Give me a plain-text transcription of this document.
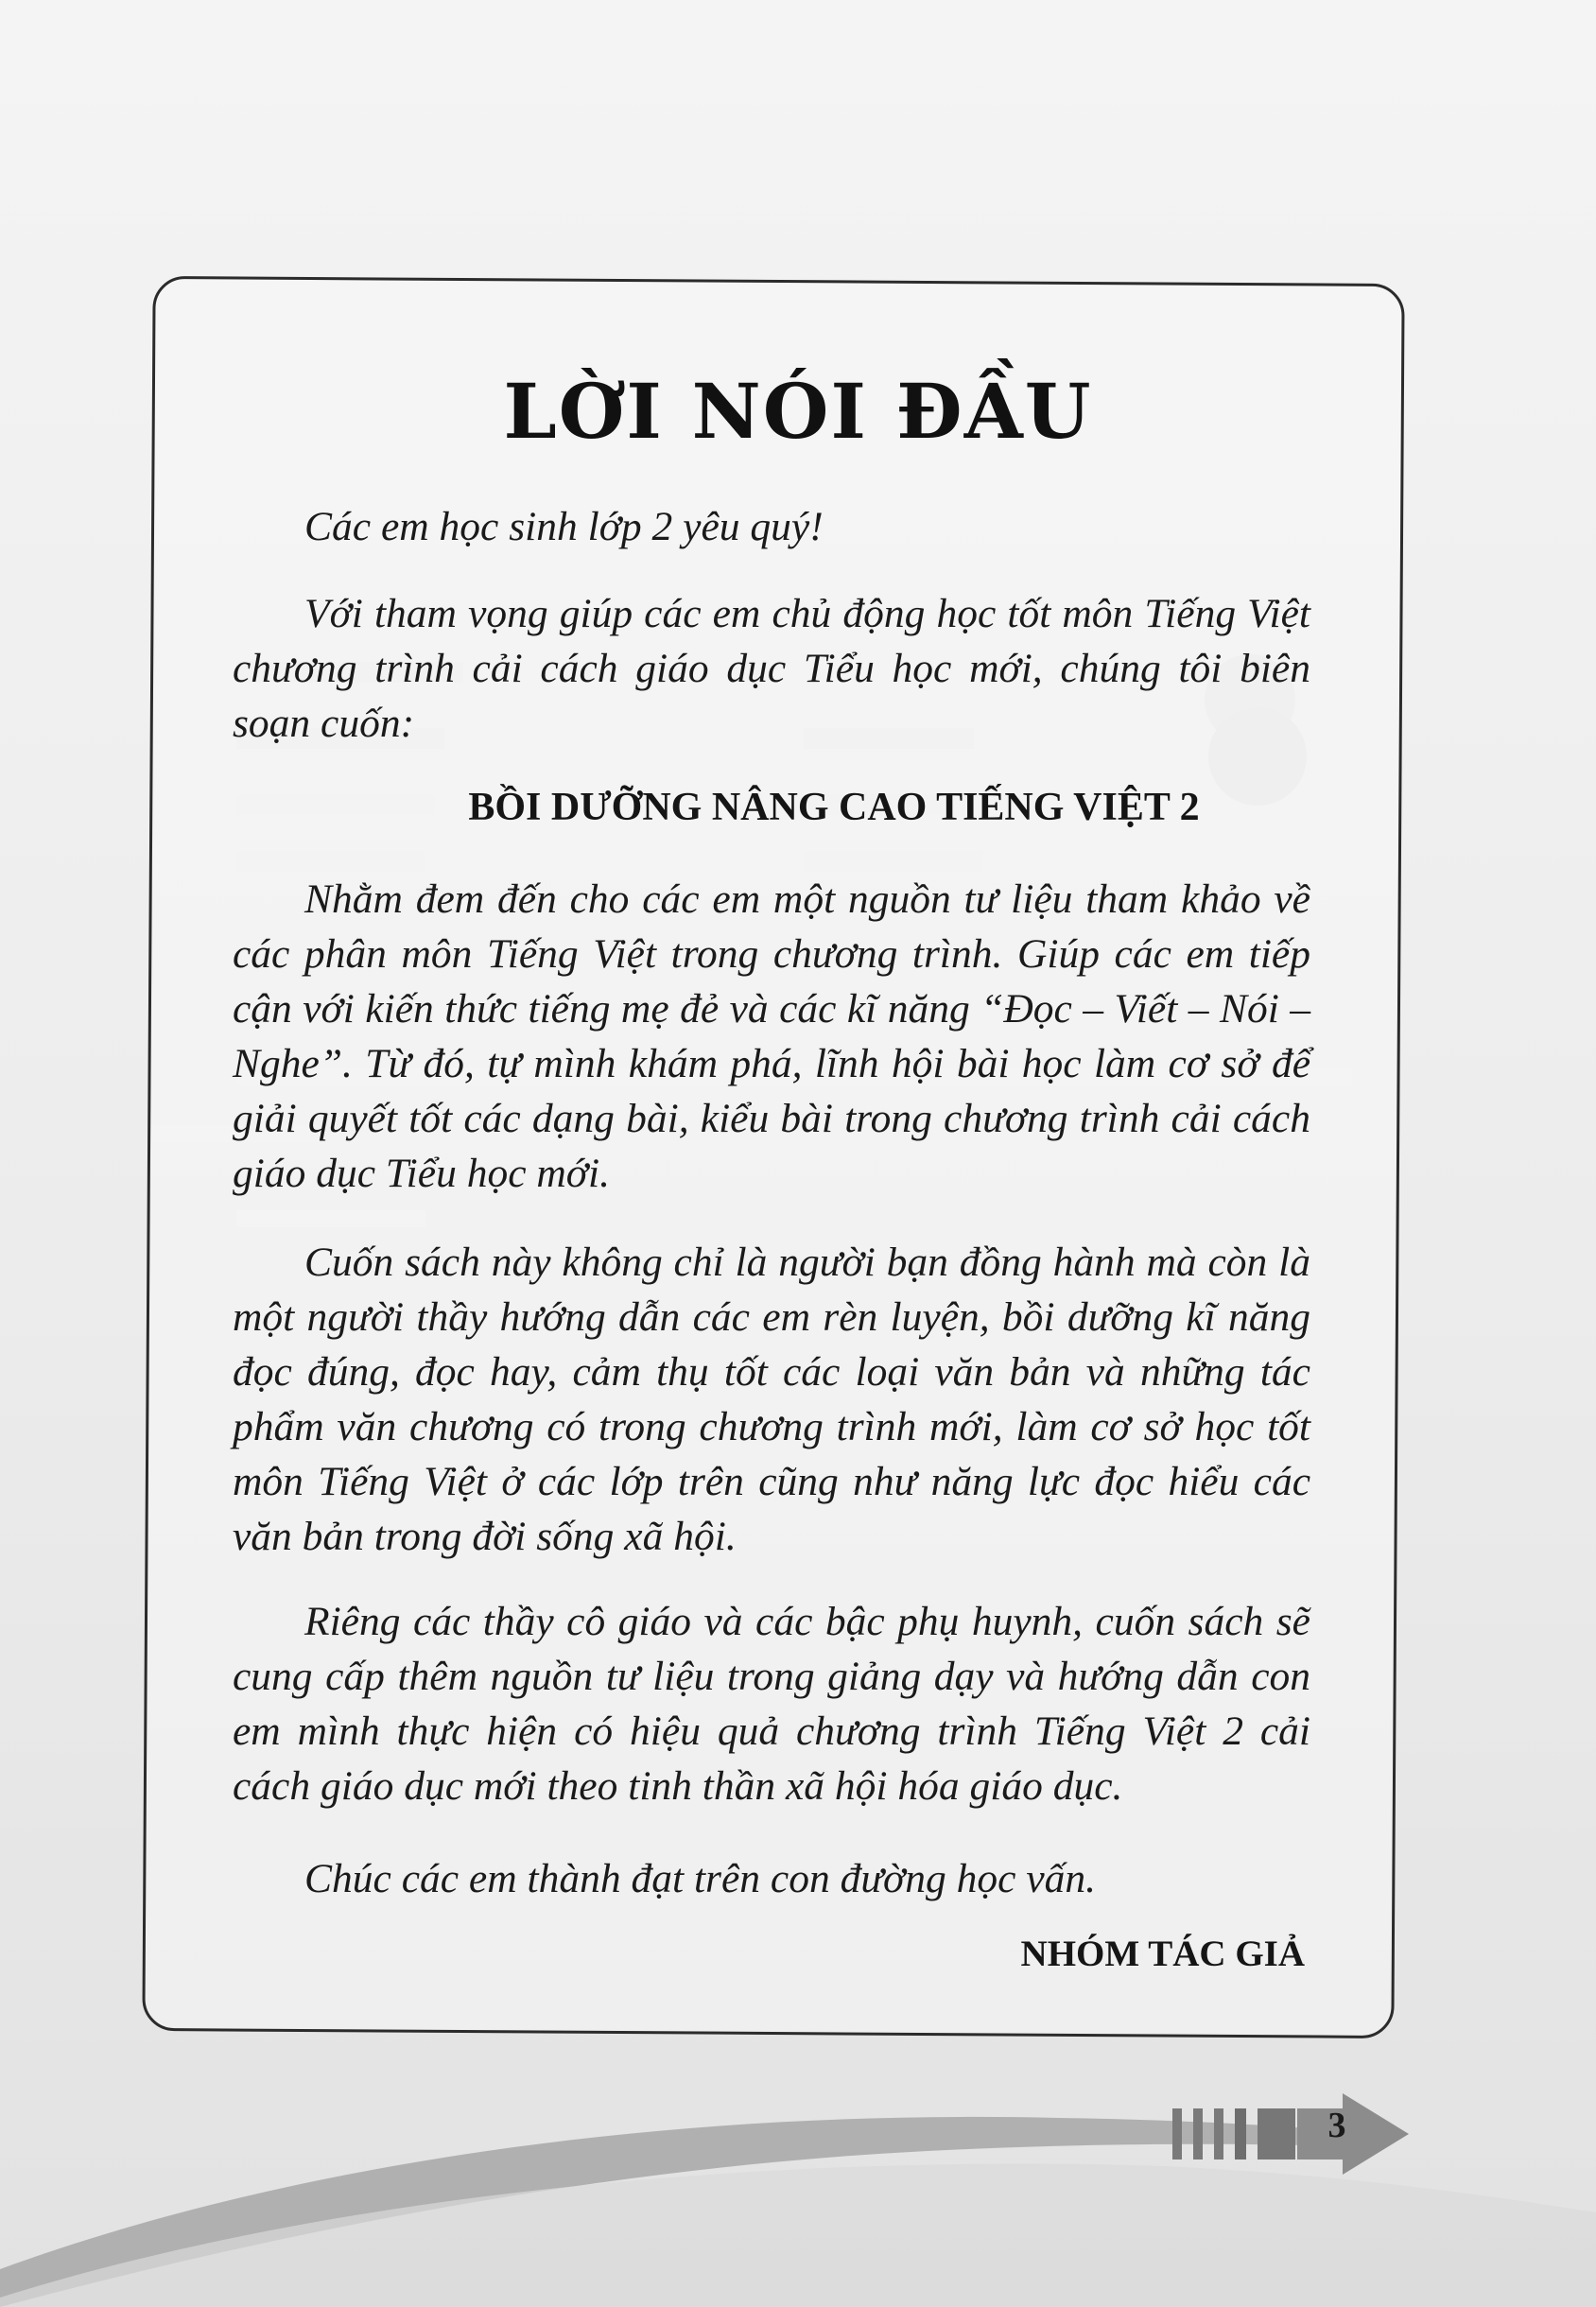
LỜI NÓI ĐẦU

Các em học sinh lớp 2 yêu quý!

Với tham vọng giúp các em chủ động học tốt môn Tiếng Việt chương trình cải cách giáo dục Tiểu học mới, chúng tôi biên soạn cuốn:

BỒI DƯỠNG NÂNG CAO TIẾNG VIỆT 2

Nhằm đem đến cho các em một nguồn tư liệu tham khảo về các phân môn Tiếng Việt trong chương trình. Giúp các em tiếp cận với kiến thức tiếng mẹ đẻ và các kĩ năng “Đọc – Viết – Nói – Nghe”. Từ đó, tự mình khám phá, lĩnh hội bài học làm cơ sở để giải quyết tốt các dạng bài, kiểu bài trong chương trình cải cách giáo dục Tiểu học mới.

Cuốn sách này không chỉ là người bạn đồng hành mà còn là một người thầy hướng dẫn các em rèn luyện, bồi dưỡng kĩ năng đọc đúng, đọc hay, cảm thụ tốt các loại văn bản và những tác phẩm văn chương có trong chương trình mới, làm cơ sở học tốt môn Tiếng Việt ở các lớp trên cũng như năng lực đọc hiểu các văn bản trong đời sống xã hội.

Riêng các thầy cô giáo và các bậc phụ huynh, cuốn sách sẽ cung cấp thêm nguồn tư liệu trong giảng dạy và hướng dẫn con em mình thực hiện có hiệu quả chương trình Tiếng Việt 2 cải cách giáo dục mới theo tinh thần xã hội hóa giáo dục.

Chúc các em thành đạt trên con đường học vấn.

NHÓM TÁC GIẢ

3
